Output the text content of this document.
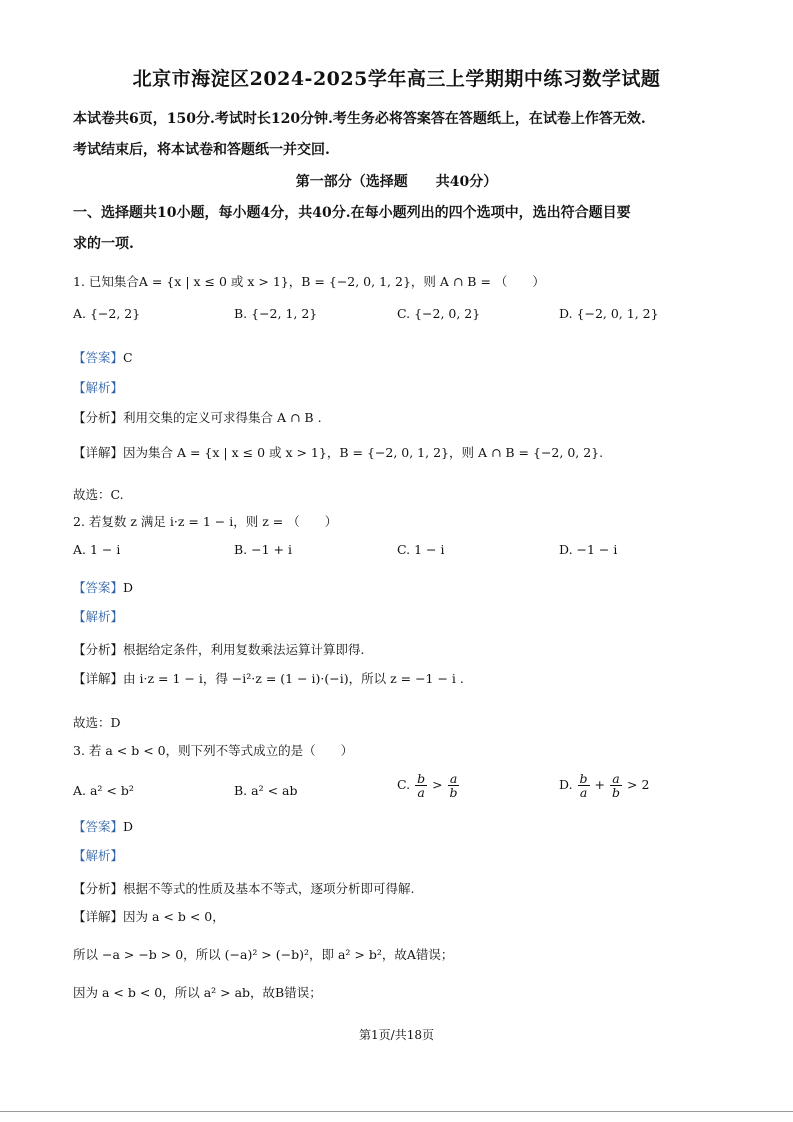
北京市海淀区2024-2025学年高三上学期期中练习数学试题
本试卷共6页，150分.考试时长120分钟.考生务必将答案答在答题纸上，在试卷上作答无效.
考试结束后，将本试卷和答题纸一并交回.
第一部分（选择题　　共40分）
一、选择题共10小题，每小题4分，共40分.在每小题列出的四个选项中，选出符合题目要
求的一项.
1. 已知集合A = {x | x ≤ 0 或 x > 1}，B = {−2, 0, 1, 2}，则 A ∩ B = （　　）
A. {−2, 2}	B. {−2, 1, 2}	C. {−2, 0, 2}	D. {−2, 0, 1, 2}
【答案】C
【解析】
【分析】利用交集的定义可求得集合 A ∩ B .
【详解】因为集合 A = {x | x ≤ 0 或 x > 1}，B = {−2, 0, 1, 2}，则 A ∩ B = {−2, 0, 2}.
故选：C.
2. 若复数 z 满足 i·z = 1 − i，则 z = （　　）
A. 1 − i	B. −1 + i	C. 1 − i	D. −1 − i
【答案】D
【解析】
【分析】根据给定条件，利用复数乘法运算计算即得.
【详解】由 i·z = 1 − i，得 −i²·z = (1 − i)·(−i)，所以 z = −1 − i .
故选：D
3. 若 a < b < 0，则下列不等式成立的是（　　）
A. a² < b²	B. a² < ab	C. $\frac{b}{a} > \frac{a}{b}$	D. $\frac{b}{a} + \frac{a}{b} > 2$
【答案】D
【解析】
【分析】根据不等式的性质及基本不等式，逐项分析即可得解.
【详解】因为 a < b < 0，
所以 −a > −b > 0，所以 (−a)² > (−b)²，即 a² > b²，故A错误；
因为 a < b < 0，所以 a² > ab，故B错误；
第1页/共18页
